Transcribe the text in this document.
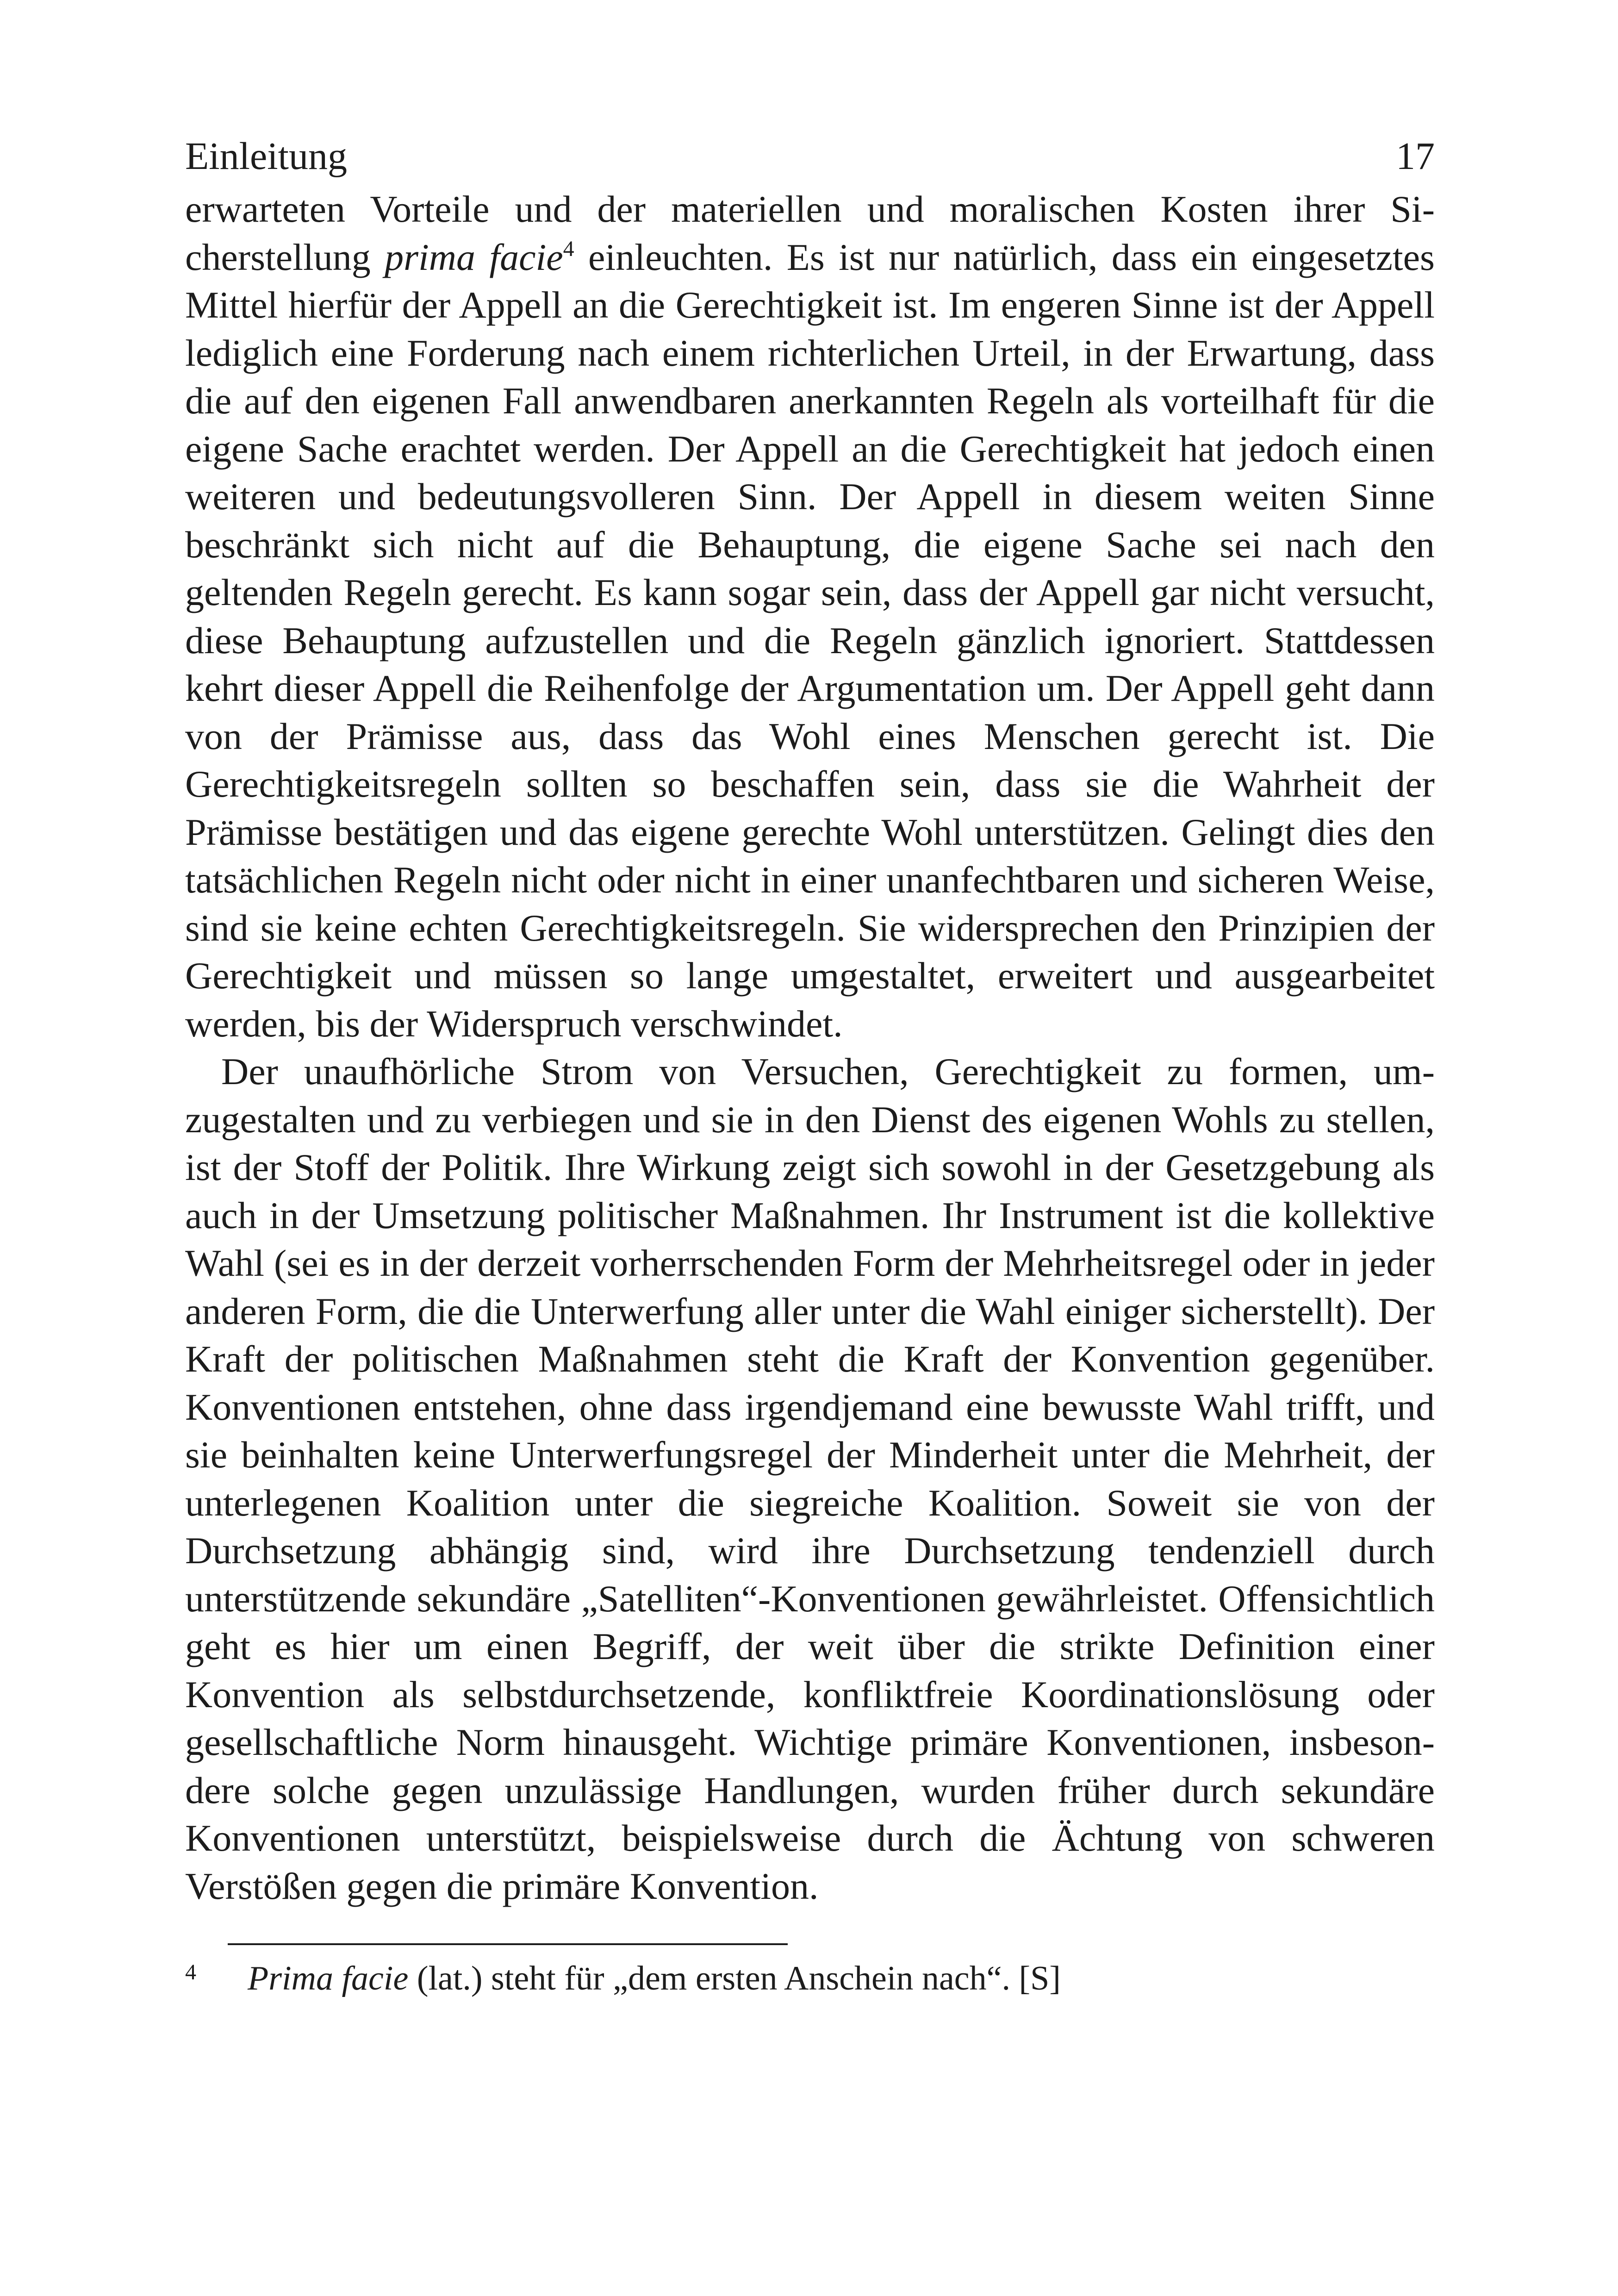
Einleitung	17

erwarteten Vorteile und der materiellen und moralischen Kosten ihrer Sicherstellung prima facie$^4$ einleuchten. Es ist nur natürlich, dass ein eingesetztes Mittel hierfür der Appell an die Gerechtigkeit ist. Im engeren Sinne ist der Appell lediglich eine Forderung nach einem richterlichen Urteil, in der Erwartung, dass die auf den eigenen Fall anwendbaren anerkannten Regeln als vorteilhaft für die eigene Sache erachtet werden. Der Appell an die Gerechtigkeit hat jedoch einen weiteren und bedeutungsvolleren Sinn. Der Appell in diesem weiten Sinne beschränkt sich nicht auf die Behauptung, die eigene Sache sei nach den geltenden Regeln gerecht. Es kann sogar sein, dass der Appell gar nicht versucht, diese Behauptung aufzustellen und die Regeln gänzlich ignoriert. Stattdessen kehrt dieser Appell die Reihenfolge der Argumentation um. Der Appell geht dann von der Prämisse aus, dass das Wohl eines Menschen gerecht ist. Die Gerechtigkeitsregeln sollten so beschaffen sein, dass sie die Wahrheit der Prämisse bestätigen und das eigene gerechte Wohl unterstützen. Gelingt dies den tatsächlichen Regeln nicht oder nicht in einer unanfechtbaren und sicheren Weise, sind sie keine echten Gerechtigkeitsregeln. Sie widersprechen den Prinzipien der Gerechtigkeit und müssen so lange umgestaltet, erweitert und ausgearbeitet werden, bis der Widerspruch verschwindet.

Der unaufhörliche Strom von Versuchen, Gerechtigkeit zu formen, umzugestalten und zu verbiegen und sie in den Dienst des eigenen Wohls zu stellen, ist der Stoff der Politik. Ihre Wirkung zeigt sich sowohl in der Gesetzgebung als auch in der Umsetzung politischer Maßnahmen. Ihr Instrument ist die kollektive Wahl (sei es in der derzeit vorherrschenden Form der Mehrheitsregel oder in jeder anderen Form, die die Unterwerfung aller unter die Wahl einiger sicherstellt). Der Kraft der politischen Maßnahmen steht die Kraft der Konvention gegenüber. Konventionen entstehen, ohne dass irgendjemand eine bewusste Wahl trifft, und sie beinhalten keine Unterwerfungsregel der Minderheit unter die Mehrheit, der unterlegenen Koalition unter die siegreiche Koalition. Soweit sie von der Durchsetzung abhängig sind, wird ihre Durchsetzung tendenziell durch unterstützende sekundäre „Satelliten“-Konventionen gewährleistet. Offensichtlich geht es hier um einen Begriff, der weit über die strikte Definition einer Konvention als selbstdurchsetzende, konfliktfreie Koordinationslösung oder gesellschaftliche Norm hinausgeht. Wichtige primäre Konventionen, insbesondere solche gegen unzulässige Handlungen, wurden früher durch sekundäre Konventionen unterstützt, beispielsweise durch die Ächtung von schweren Verstößen gegen die primäre Konvention.

4	Prima facie (lat.) steht für „dem ersten Anschein nach“. [S]
